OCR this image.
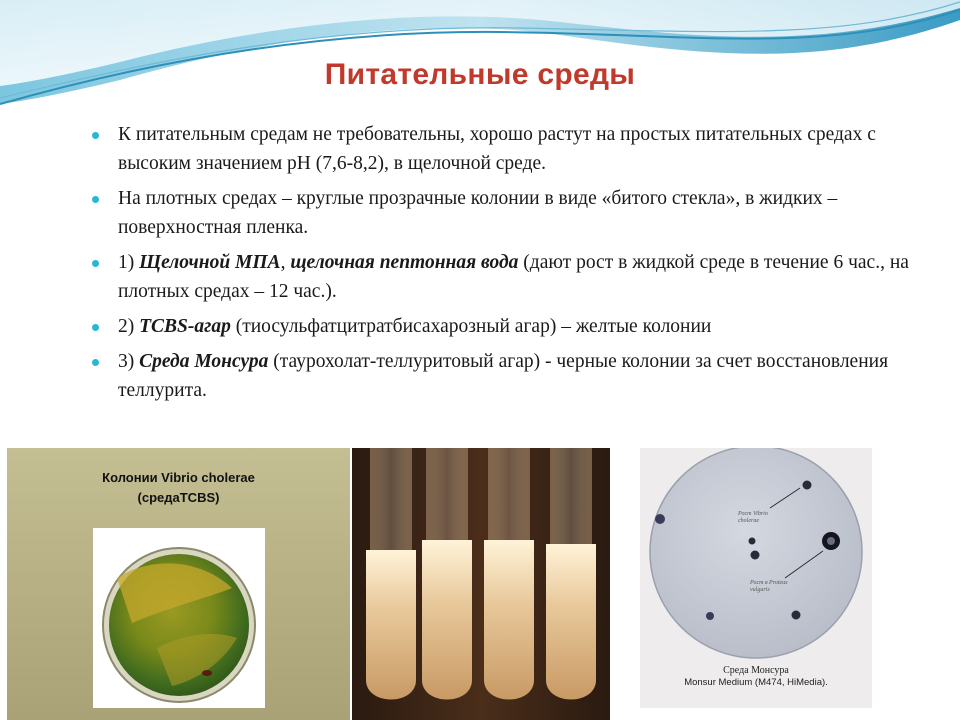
Питательные среды
К питательным средам не требовательны, хорошо растут на простых питательных средах с высоким значением рН (7,6-8,2), в щелочной среде.
На плотных средах – круглые прозрачные колонии в виде «битого стекла», в жидких – поверхностная пленка.
1) Щелочной МПА, щелочная пептонная вода (дают рост в жидкой среде в течение 6 час., на плотных средах – 12 час.).
2) TCBS-агар (тиосульфатцитратбисахарозный агар) – желтые колонии
3) Среда Монсура (таурохолат-теллуритовый агар) - черные колонии за счет восстановления теллурита.
Колонии Vibrio cholerae
(средаTCBS)
Рост Vibrio
cholerae
Рост в Proteus
vulgaris
Среда Монсура
Monsur Medium (M474, HiMedia).
